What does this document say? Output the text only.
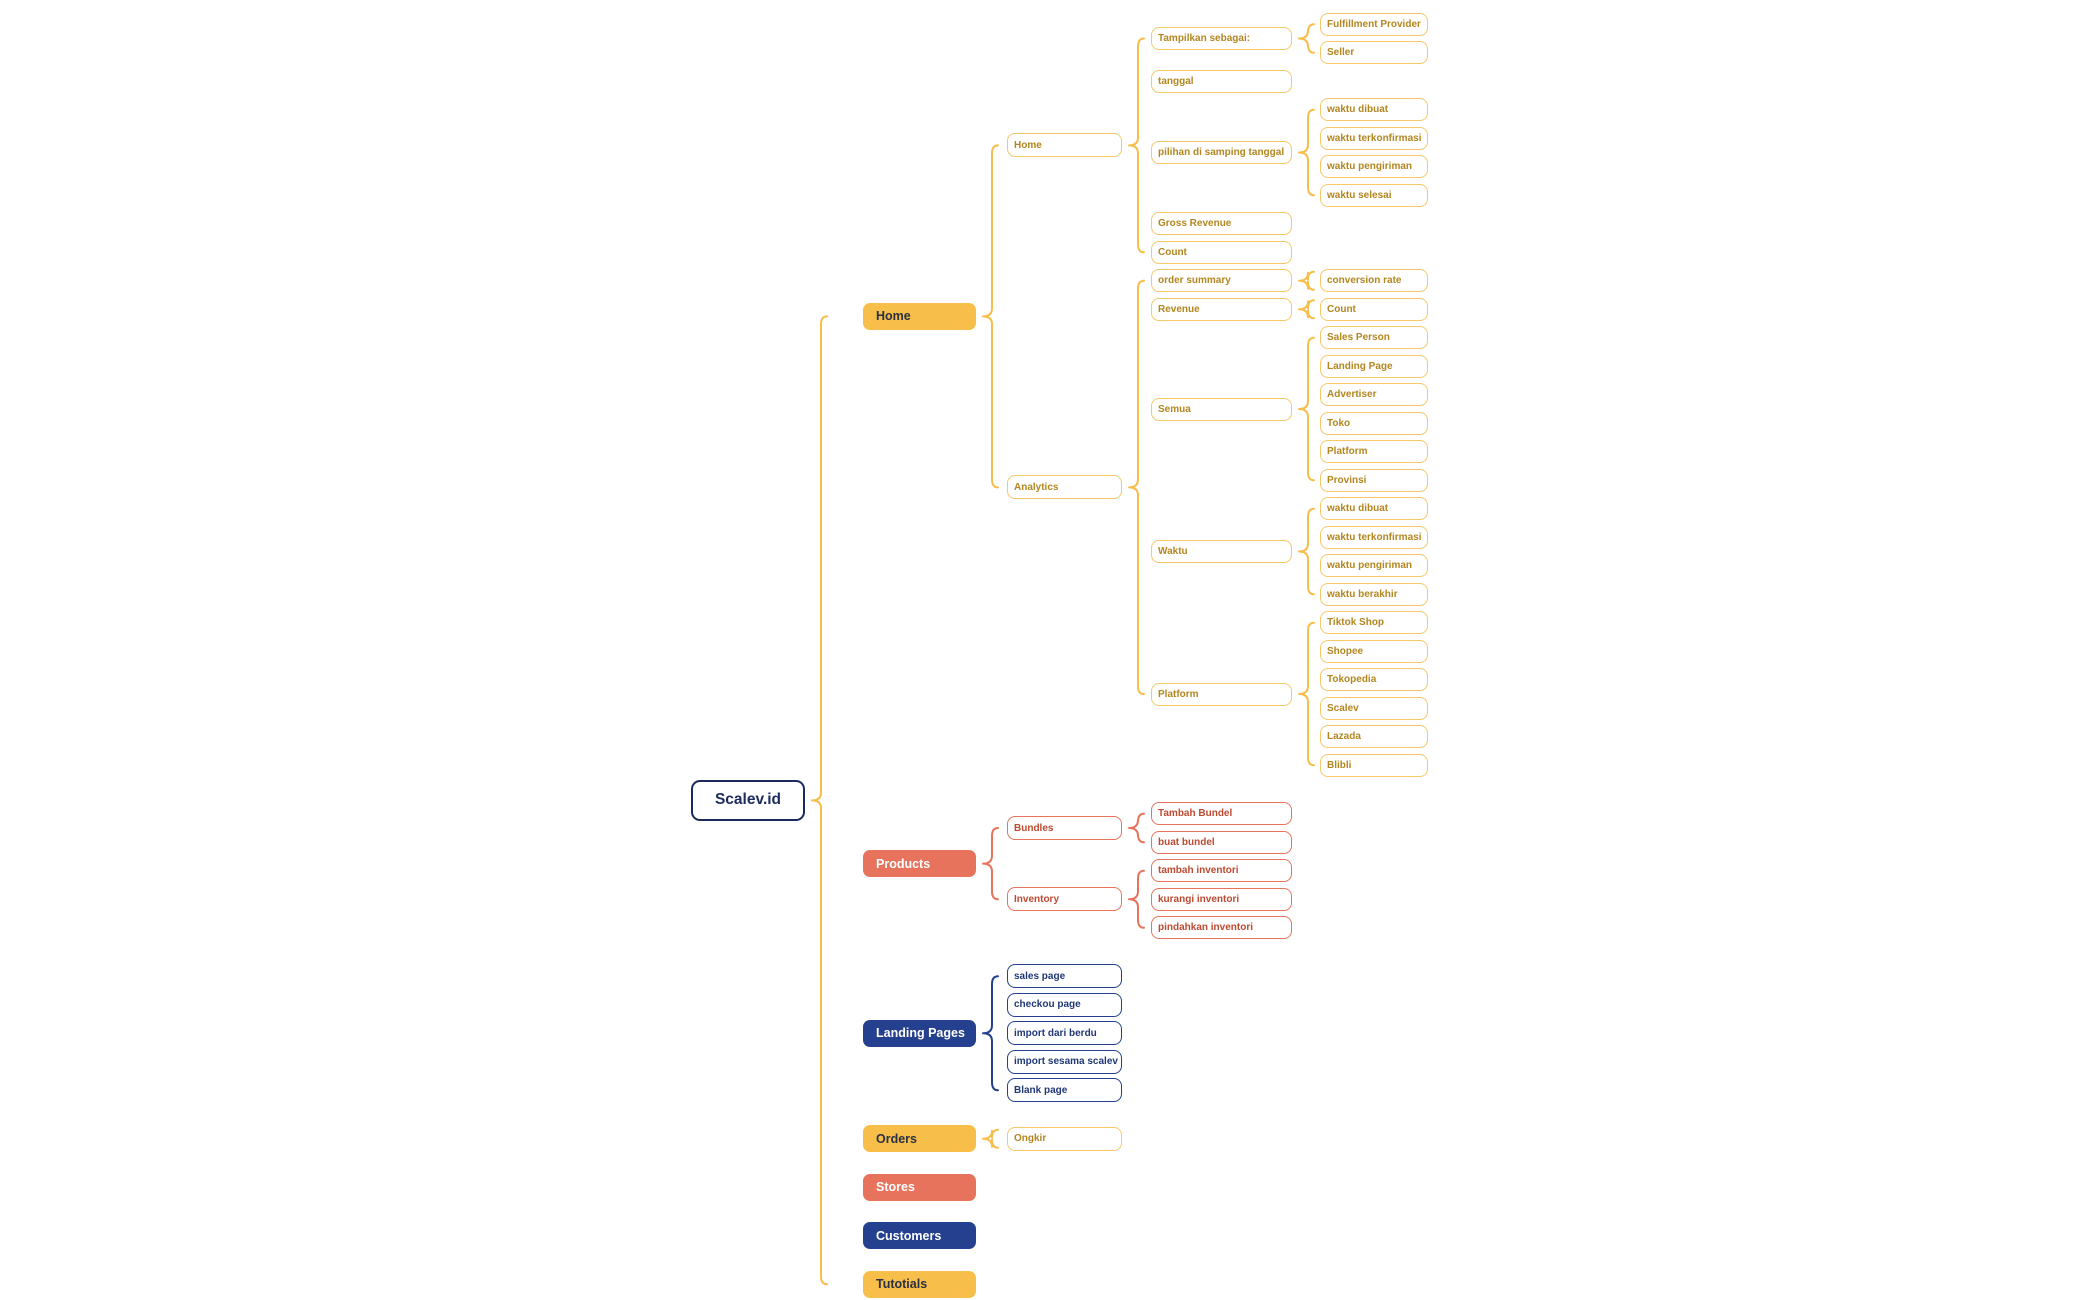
Scalev.id
Home
Home
Tampilkan sebagai:
Fulfillment Provider
Seller
tanggal
pilihan di samping tanggal
waktu dibuat
waktu terkonfirmasi
waktu pengiriman
waktu selesai
Gross Revenue
Count
Analytics
order summary	conversion rate
Revenue	Count
Semua
Sales Person
Landing Page
Advertiser
Toko
Platform
Provinsi
Waktu
waktu dibuat
waktu terkonfirmasi
waktu pengiriman
waktu berakhir
Platform
Tiktok Shop
Shopee
Tokopedia
Scalev
Lazada
Blibli
Products
Bundles
Tambah Bundel
buat bundel
Inventory
tambah inventori
kurangi inventori
pindahkan inventori
Landing Pages
sales page
checkou page
import dari berdu
import sesama scalev
Blank page
Orders	Ongkir
Stores
Customers
Tutotials
